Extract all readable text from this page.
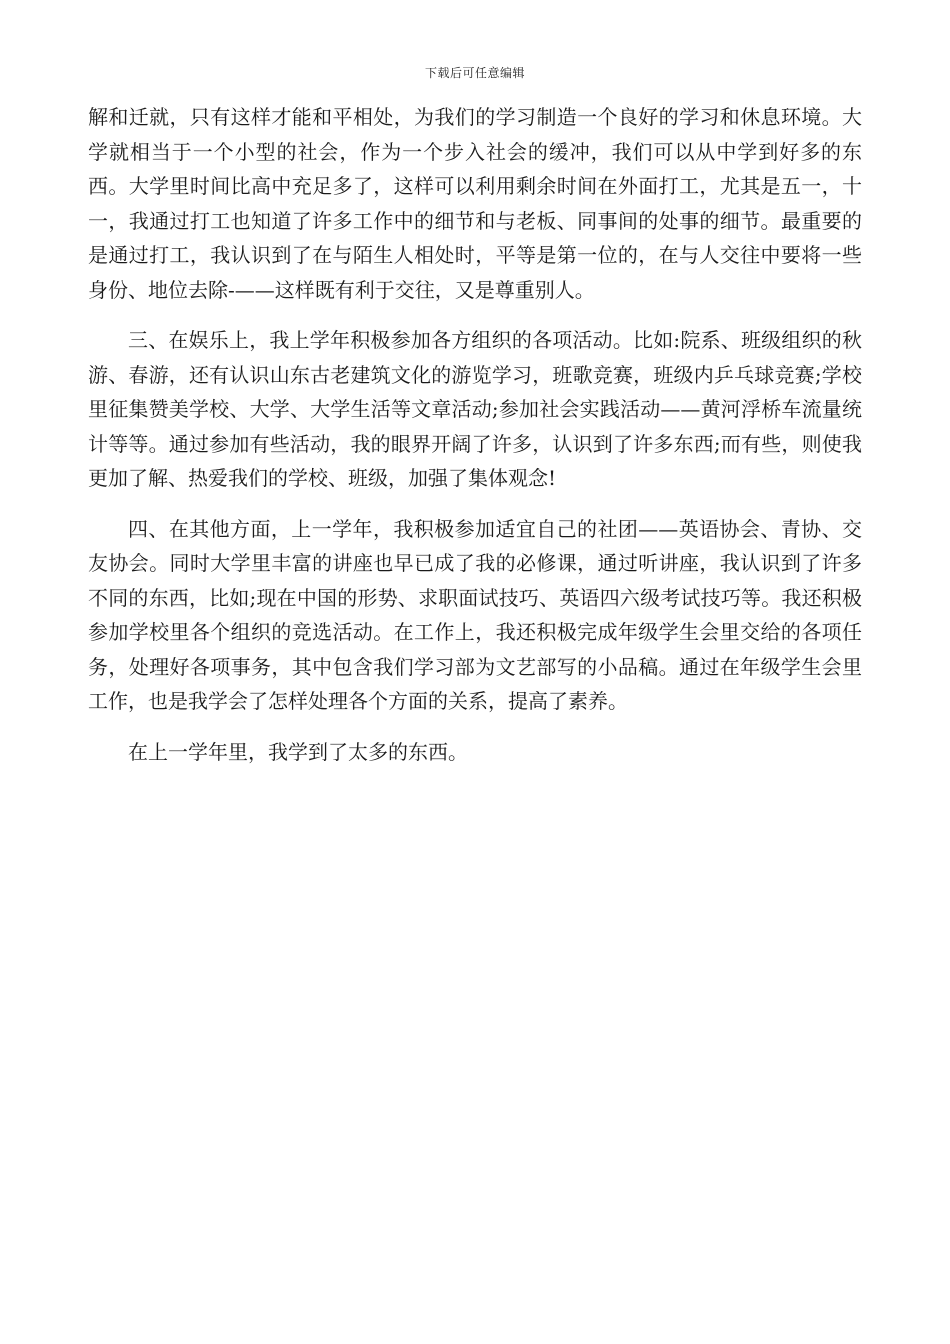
下载后可任意编辑

解和迁就，只有这样才能和平相处，为我们的学习制造一个良好的学习和休息环境。大学就相当于一个小型的社会，作为一个步入社会的缓冲，我们可以从中学到好多的东西。大学里时间比高中充足多了，这样可以利用剩余时间在外面打工，尤其是五一，十一，我通过打工也知道了许多工作中的细节和与老板、同事间的处事的细节。最重要的是通过打工，我认识到了在与陌生人相处时，平等是第一位的，在与人交往中要将一些身份、地位去除-——这样既有利于交往，又是尊重别人。

三、在娱乐上，我上学年积极参加各方组织的各项活动。比如:院系、班级组织的秋游、春游，还有认识山东古老建筑文化的游览学习，班歌竞赛，班级内乒乓球竞赛;学校里征集赞美学校、大学、大学生活等文章活动;参加社会实践活动——黄河浮桥车流量统计等等。通过参加有些活动，我的眼界开阔了许多，认识到了许多东西;而有些，则使我更加了解、热爱我们的学校、班级，加强了集体观念!

四、在其他方面，上一学年，我积极参加适宜自己的社团——英语协会、青协、交友协会。同时大学里丰富的讲座也早已成了我的必修课，通过听讲座，我认识到了许多不同的东西，比如;现在中国的形势、求职面试技巧、英语四六级考试技巧等。我还积极参加学校里各个组织的竞选活动。在工作上，我还积极完成年级学生会里交给的各项任务，处理好各项事务，其中包含我们学习部为文艺部写的小品稿。通过在年级学生会里工作，也是我学会了怎样处理各个方面的关系，提高了素养。

在上一学年里，我学到了太多的东西。
